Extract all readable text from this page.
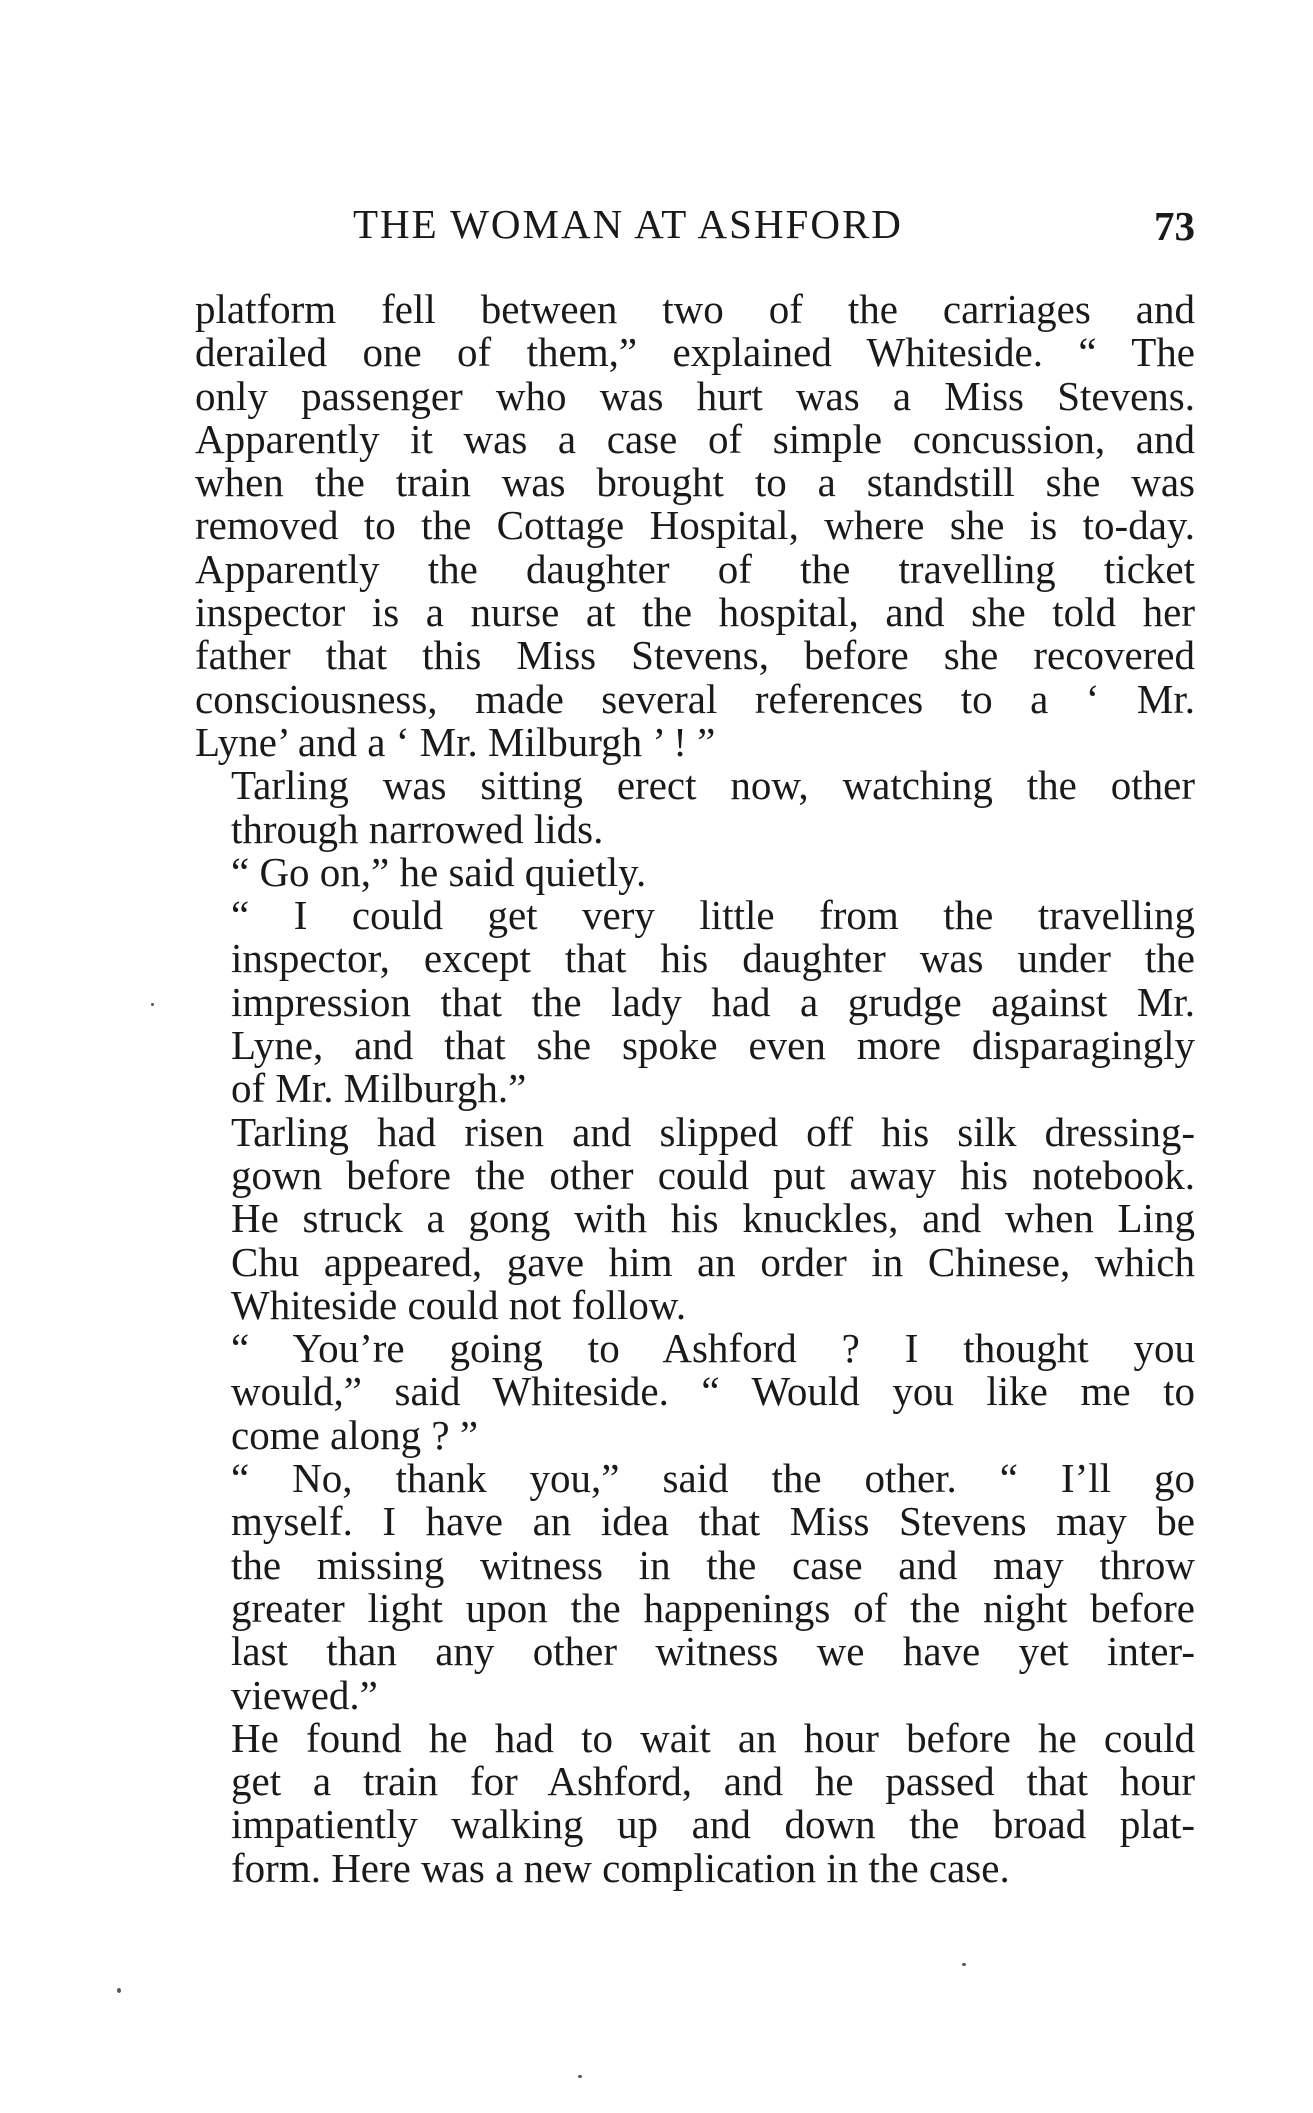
THE WOMAN AT ASHFORD	73

platform fell between two of the carriages and
derailed one of them,” explained Whiteside. “ The
only passenger who was hurt was a Miss Stevens.
Apparently it was a case of simple concussion, and
when the train was brought to a standstill she was
removed to the Cottage Hospital, where she is to-day.
Apparently the daughter of the travelling ticket
inspector is a nurse at the hospital, and she told her
father that this Miss Stevens, before she recovered
consciousness, made several references to a ‘ Mr.
Lyne’ and a ‘ Mr. Milburgh ’ ! ”

Tarling was sitting erect now, watching the other
through narrowed lids.

“ Go on,” he said quietly.

“ I could get very little from the travelling
inspector, except that his daughter was under the
impression that the lady had a grudge against Mr.
Lyne, and that she spoke even more disparagingly
of Mr. Milburgh.”

Tarling had risen and slipped off his silk dressing-
gown before the other could put away his notebook.
He struck a gong with his knuckles, and when Ling
Chu appeared, gave him an order in Chinese, which
Whiteside could not follow.

“ You’re going to Ashford ? I thought you
would,” said Whiteside. “ Would you like me to
come along ? ”

“ No, thank you,” said the other. “ I’ll go
myself. I have an idea that Miss Stevens may be
the missing witness in the case and may throw
greater light upon the happenings of the night before
last than any other witness we have yet inter-
viewed.”

He found he had to wait an hour before he could
get a train for Ashford, and he passed that hour
impatiently walking up and down the broad plat-
form. Here was a new complication in the case.
